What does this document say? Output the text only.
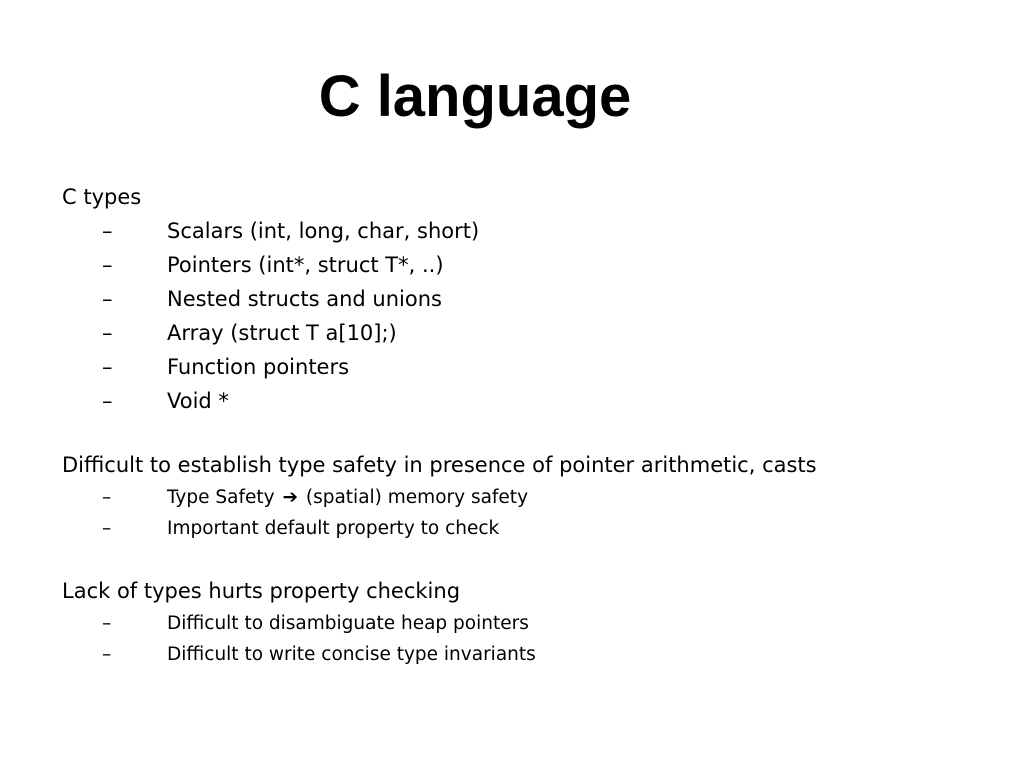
C language
C types
–	Scalars (int, long, char, short)
–	Pointers (int*, struct T*, ..)
–	Nested structs and unions
–	Array (struct T a[10];)
–	Function pointers
–	Void *
Difficult to establish type safety in presence of pointer arithmetic, casts
–	Type Safety ➔ (spatial) memory safety
–	Important default property to check
Lack of types hurts property checking
–	Difficult to disambiguate heap pointers
–	Difficult to write concise type invariants
